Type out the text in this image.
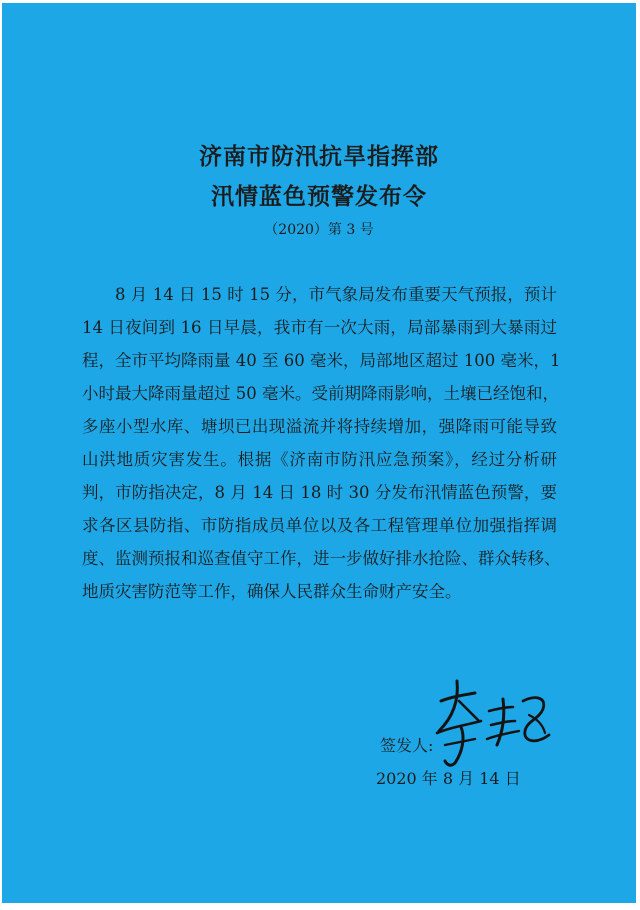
济南市防汛抗旱指挥部
汛情蓝色预警发布令
（2020）第 3 号
8 月 14 日 15 时 15 分，市气象局发布重要天气预报，预计
14 日夜间到 16 日早晨，我市有一次大雨，局部暴雨到大暴雨过
程，全市平均降雨量 40 至 60 毫米，局部地区超过 100 毫米，1
小时最大降雨量超过 50 毫米。受前期降雨影响，土壤已经饱和，
多座小型水库、塘坝已出现溢流并将持续增加，强降雨可能导致
山洪地质灾害发生。根据《济南市防汛应急预案》，经过分析研
判，市防指决定，8 月 14 日 18 时 30 分发布汛情蓝色预警，要
求各区县防指、市防指成员单位以及各工程管理单位加强指挥调
度、监测预报和巡查值守工作，进一步做好排水抢险、群众转移、
地质灾害防范等工作，确保人民群众生命财产安全。
签发人:
2020 年 8 月 14 日
